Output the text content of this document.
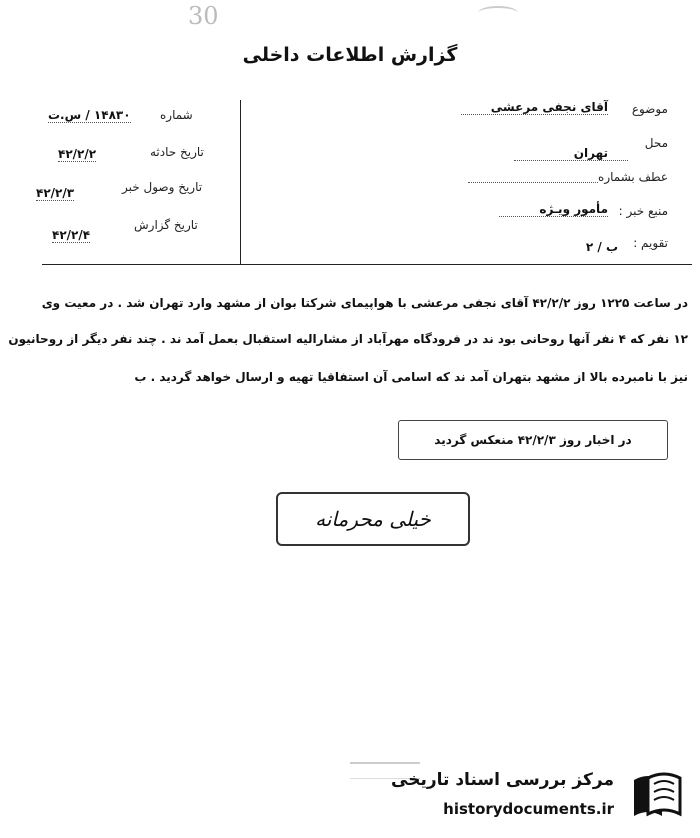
30
گزارش اطلاعات داخلی
موضوع
آقای نجفی مرعشی
محل
تهران
عطف بشماره
منبع خبر :
مأمور ویـژه
تقویم :
ب / ۲
شماره
۱۴۸۳۰ / س.ت
تاریخ حادثه
۴۲/۲/۲
تاریخ وصول خبر
۴۲/۲/۳
تاریخ گزارش
۴۲/۲/۴
در ساعت ۱۲۲۵ روز ۴۲/۲/۲ آقای نجفی مرعشی با هواپیمای شرکتا بوان از مشهد وارد تهران شد . در معیت وی
۱۲ نفر که ۴ نفر آنها روحانی بود ند در فرودگاه مهرآباد از مشارالیه استقبال بعمل آمد ند . چند نفر دیگر از روحانیون
نیز با نامبرده بالا از مشهد بتهران آمد ند که اسامی آن استفاقیا تهیه و ارسال خواهد گردید . ب
در اخبار روز ۴۲/۲/۳ منعکس گردید
خیلی محرمانه
مرکز بررسی اسناد تاریخی
historydocuments.ir
